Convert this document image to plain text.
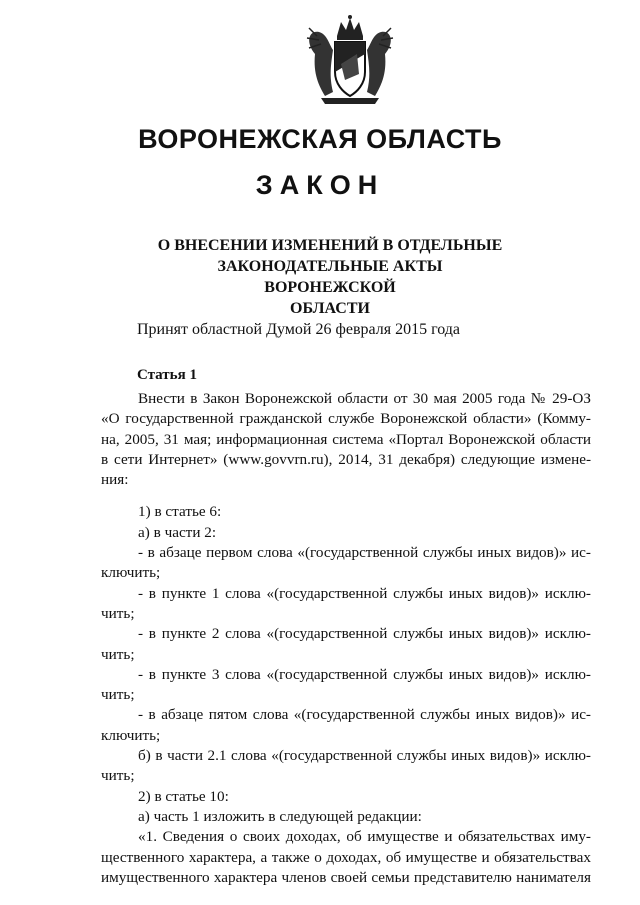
ВОРОНЕЖСКАЯ ОБЛАСТЬ
ЗАКОН
О ВНЕСЕНИИ ИЗМЕНЕНИЙ В ОТДЕЛЬНЫЕ
ЗАКОНОДАТЕЛЬНЫЕ АКТЫ ВОРОНЕЖСКОЙ
ОБЛАСТИ
Принят областной Думой 26 февраля 2015 года
Статья 1
Внести в Закон Воронежской области от 30 мая 2005 года № 29-ОЗ
«О государственной гражданской службе Воронежской области» (Комму-
на, 2005, 31 мая; информационная система «Портал Воронежской области
в сети Интернет» (www.govvrn.ru), 2014, 31 декабря) следующие измене-
ния:
1) в статье 6:
а) в части 2:
- в абзаце первом слова «(государственной службы иных видов)» ис-
ключить;
- в пункте 1 слова «(государственной службы иных видов)» исклю-
чить;
- в пункте 2 слова «(государственной службы иных видов)» исклю-
чить;
- в пункте 3 слова «(государственной службы иных видов)» исклю-
чить;
- в абзаце пятом слова «(государственной службы иных видов)» ис-
ключить;
б) в части 2.1 слова «(государственной службы иных видов)» исклю-
чить;
2) в статье 10:
а) часть 1 изложить в следующей редакции:
«1. Сведения о своих доходах, об имуществе и обязательствах иму-
щественного характера, а также о доходах, об имуществе и обязательствах
имущественного характера членов своей семьи представителю нанимателя
